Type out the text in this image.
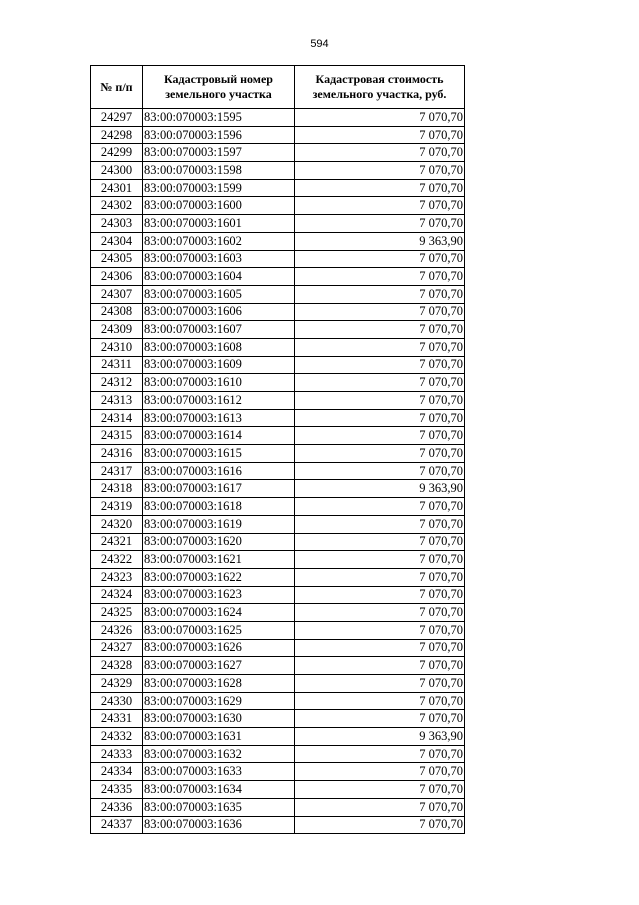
594
№ п/п	Кадастровый номер земельного участка	Кадастровая стоимость земельного участка, руб.
24297	83:00:070003:1595	7 070,70
24298	83:00:070003:1596	7 070,70
24299	83:00:070003:1597	7 070,70
24300	83:00:070003:1598	7 070,70
24301	83:00:070003:1599	7 070,70
24302	83:00:070003:1600	7 070,70
24303	83:00:070003:1601	7 070,70
24304	83:00:070003:1602	9 363,90
24305	83:00:070003:1603	7 070,70
24306	83:00:070003:1604	7 070,70
24307	83:00:070003:1605	7 070,70
24308	83:00:070003:1606	7 070,70
24309	83:00:070003:1607	7 070,70
24310	83:00:070003:1608	7 070,70
24311	83:00:070003:1609	7 070,70
24312	83:00:070003:1610	7 070,70
24313	83:00:070003:1612	7 070,70
24314	83:00:070003:1613	7 070,70
24315	83:00:070003:1614	7 070,70
24316	83:00:070003:1615	7 070,70
24317	83:00:070003:1616	7 070,70
24318	83:00:070003:1617	9 363,90
24319	83:00:070003:1618	7 070,70
24320	83:00:070003:1619	7 070,70
24321	83:00:070003:1620	7 070,70
24322	83:00:070003:1621	7 070,70
24323	83:00:070003:1622	7 070,70
24324	83:00:070003:1623	7 070,70
24325	83:00:070003:1624	7 070,70
24326	83:00:070003:1625	7 070,70
24327	83:00:070003:1626	7 070,70
24328	83:00:070003:1627	7 070,70
24329	83:00:070003:1628	7 070,70
24330	83:00:070003:1629	7 070,70
24331	83:00:070003:1630	7 070,70
24332	83:00:070003:1631	9 363,90
24333	83:00:070003:1632	7 070,70
24334	83:00:070003:1633	7 070,70
24335	83:00:070003:1634	7 070,70
24336	83:00:070003:1635	7 070,70
24337	83:00:070003:1636	7 070,70
